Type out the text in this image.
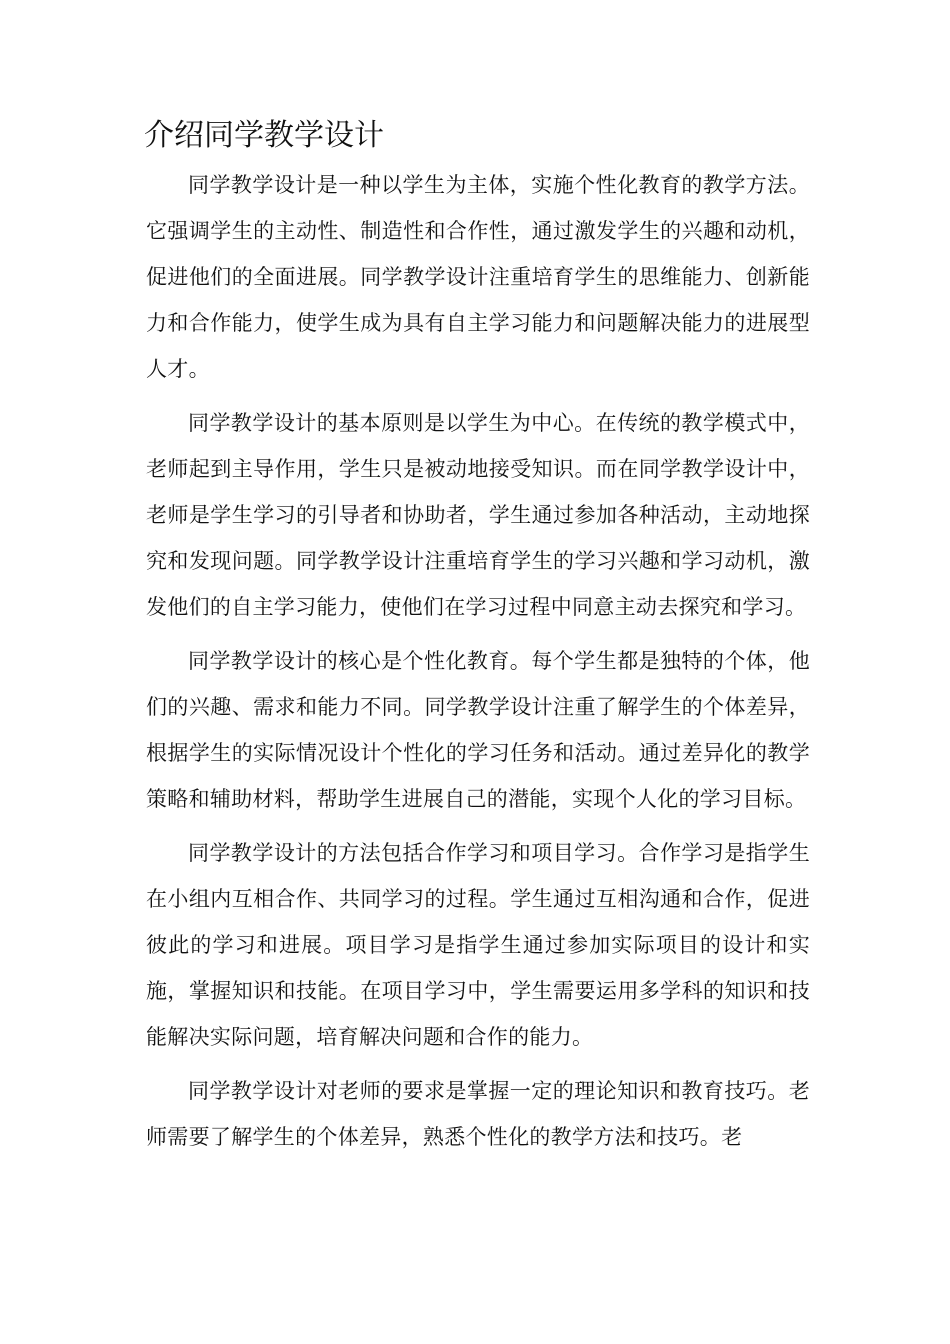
介绍同学教学设计

同学教学设计是一种以学生为主体，实施个性化教育的教学方法。它强调学生的主动性、制造性和合作性，通过激发学生的兴趣和动机，促进他们的全面进展。同学教学设计注重培育学生的思维能力、创新能力和合作能力，使学生成为具有自主学习能力和问题解决能力的进展型人才。

同学教学设计的基本原则是以学生为中心。在传统的教学模式中，老师起到主导作用，学生只是被动地接受知识。而在同学教学设计中，老师是学生学习的引导者和协助者，学生通过参加各种活动，主动地探究和发现问题。同学教学设计注重培育学生的学习兴趣和学习动机，激发他们的自主学习能力，使他们在学习过程中同意主动去探究和学习。

同学教学设计的核心是个性化教育。每个学生都是独特的个体，他们的兴趣、需求和能力不同。同学教学设计注重了解学生的个体差异，根据学生的实际情况设计个性化的学习任务和活动。通过差异化的教学策略和辅助材料，帮助学生进展自己的潜能，实现个人化的学习目标。

同学教学设计的方法包括合作学习和项目学习。合作学习是指学生在小组内互相合作、共同学习的过程。学生通过互相沟通和合作，促进彼此的学习和进展。项目学习是指学生通过参加实际项目的设计和实施，掌握知识和技能。在项目学习中，学生需要运用多学科的知识和技能解决实际问题，培育解决问题和合作的能力。

同学教学设计对老师的要求是掌握一定的理论知识和教育技巧。老师需要了解学生的个体差异，熟悉个性化的教学方法和技巧。老
